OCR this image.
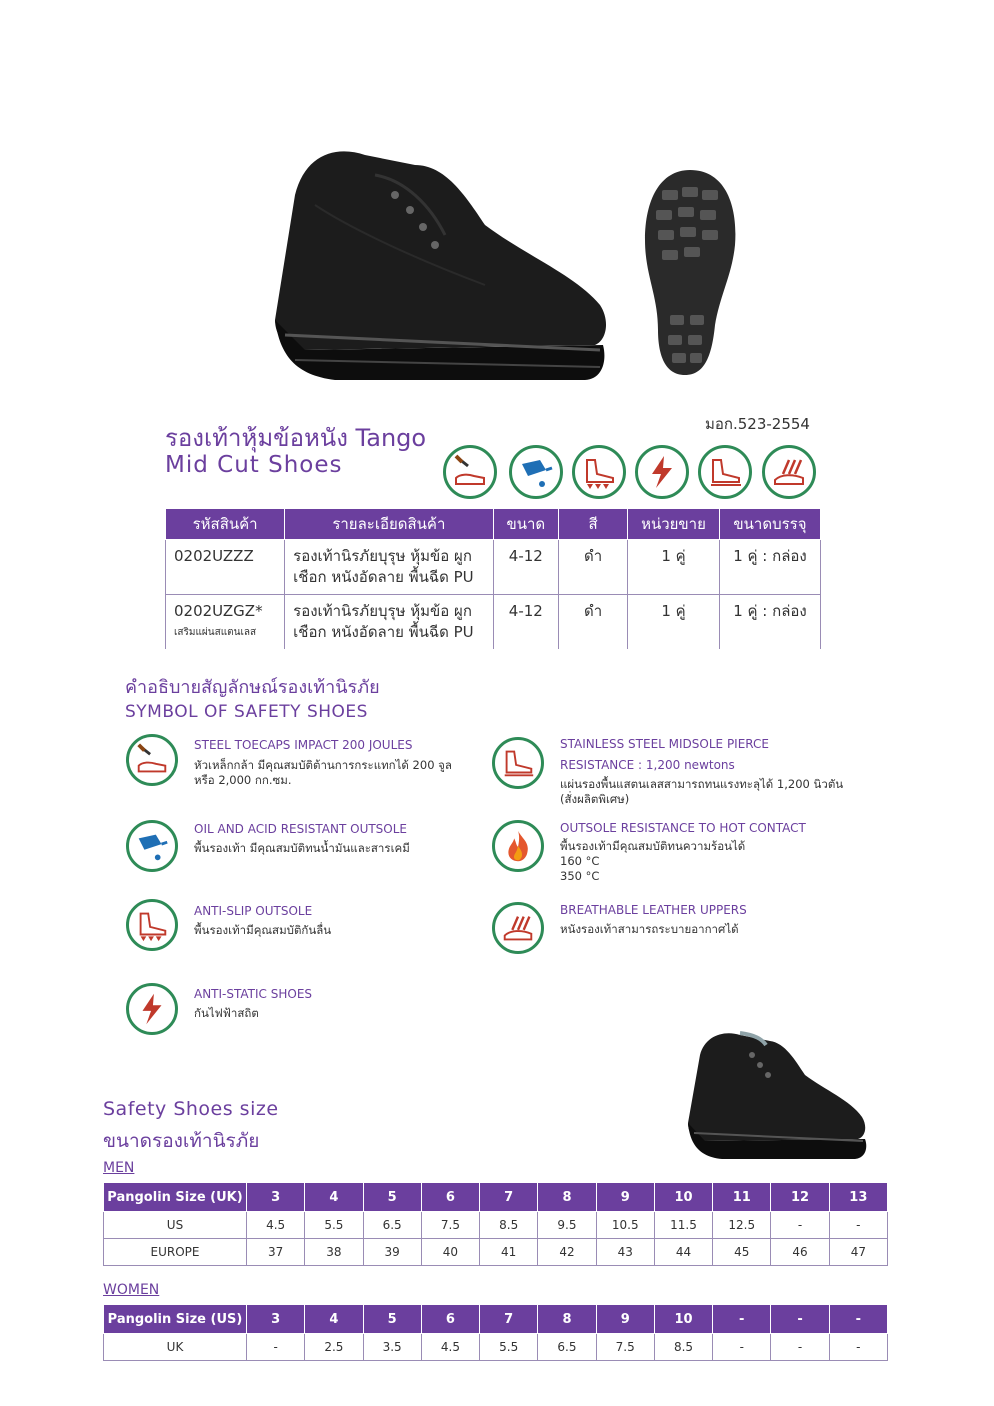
รองเท้าหุ้มข้อหนัง Tango
Mid Cut Shoes
มอก.523-2554
รหัสสินค้า	รายละเอียดสินค้า	ขนาด	สี	หน่วยขาย	ขนาดบรรจุ
0202UZZZ	รองเท้านิรภัยบุรุษ หุ้มข้อ ผูก
เชือก หนังอัดลาย พื้นฉีด PU	4-12	ดำ	1 คู่	1 คู่ : กล่อง
0202UZGZ*
เสริมแผ่นสแตนเลส	รองเท้านิรภัยบุรุษ หุ้มข้อ ผูก
เชือก หนังอัดลาย พื้นฉีด PU	4-12	ดำ	1 คู่	1 คู่ : กล่อง
คำอธิบายสัญลักษณ์รองเท้านิรภัย
SYMBOL OF SAFETY SHOES
STEEL TOECAPS IMPACT 200 JOULES
หัวเหล็กกล้า มีคุณสมบัติต้านการกระแทกได้ 200 จูล
หรือ 2,000 กก.ซม.
OIL AND ACID RESISTANT OUTSOLE
พื้นรองเท้า มีคุณสมบัติทนน้ำมันและสารเคมี
ANTI-SLIP OUTSOLE
พื้นรองเท้ามีคุณสมบัติกันลื่น
ANTI-STATIC SHOES
กันไฟฟ้าสถิต
STAINLESS STEEL MIDSOLE PIERCE
RESISTANCE : 1,200 newtons
แผ่นรองพื้นแสตนเลสสามารถทนแรงทะลุได้ 1,200 นิวตัน
(สั่งผลิตพิเศษ)
OUTSOLE RESISTANCE TO HOT CONTACT
พื้นรองเท้ามีคุณสมบัติทนความร้อนได้
160 °C
350 °C
BREATHABLE LEATHER UPPERS
หนังรองเท้าสามารถระบายอากาศได้
Safety Shoes size
ขนาดรองเท้านิรภัย
MEN
Pangolin Size (UK)	3	4	5	6	7	8	9	10	11	12	13
US	4.5	5.5	6.5	7.5	8.5	9.5	10.5	11.5	12.5	-	-
EUROPE	37	38	39	40	41	42	43	44	45	46	47
WOMEN
Pangolin Size (US)	3	4	5	6	7	8	9	10	-	-	-
UK	-	2.5	3.5	4.5	5.5	6.5	7.5	8.5	-	-	-
